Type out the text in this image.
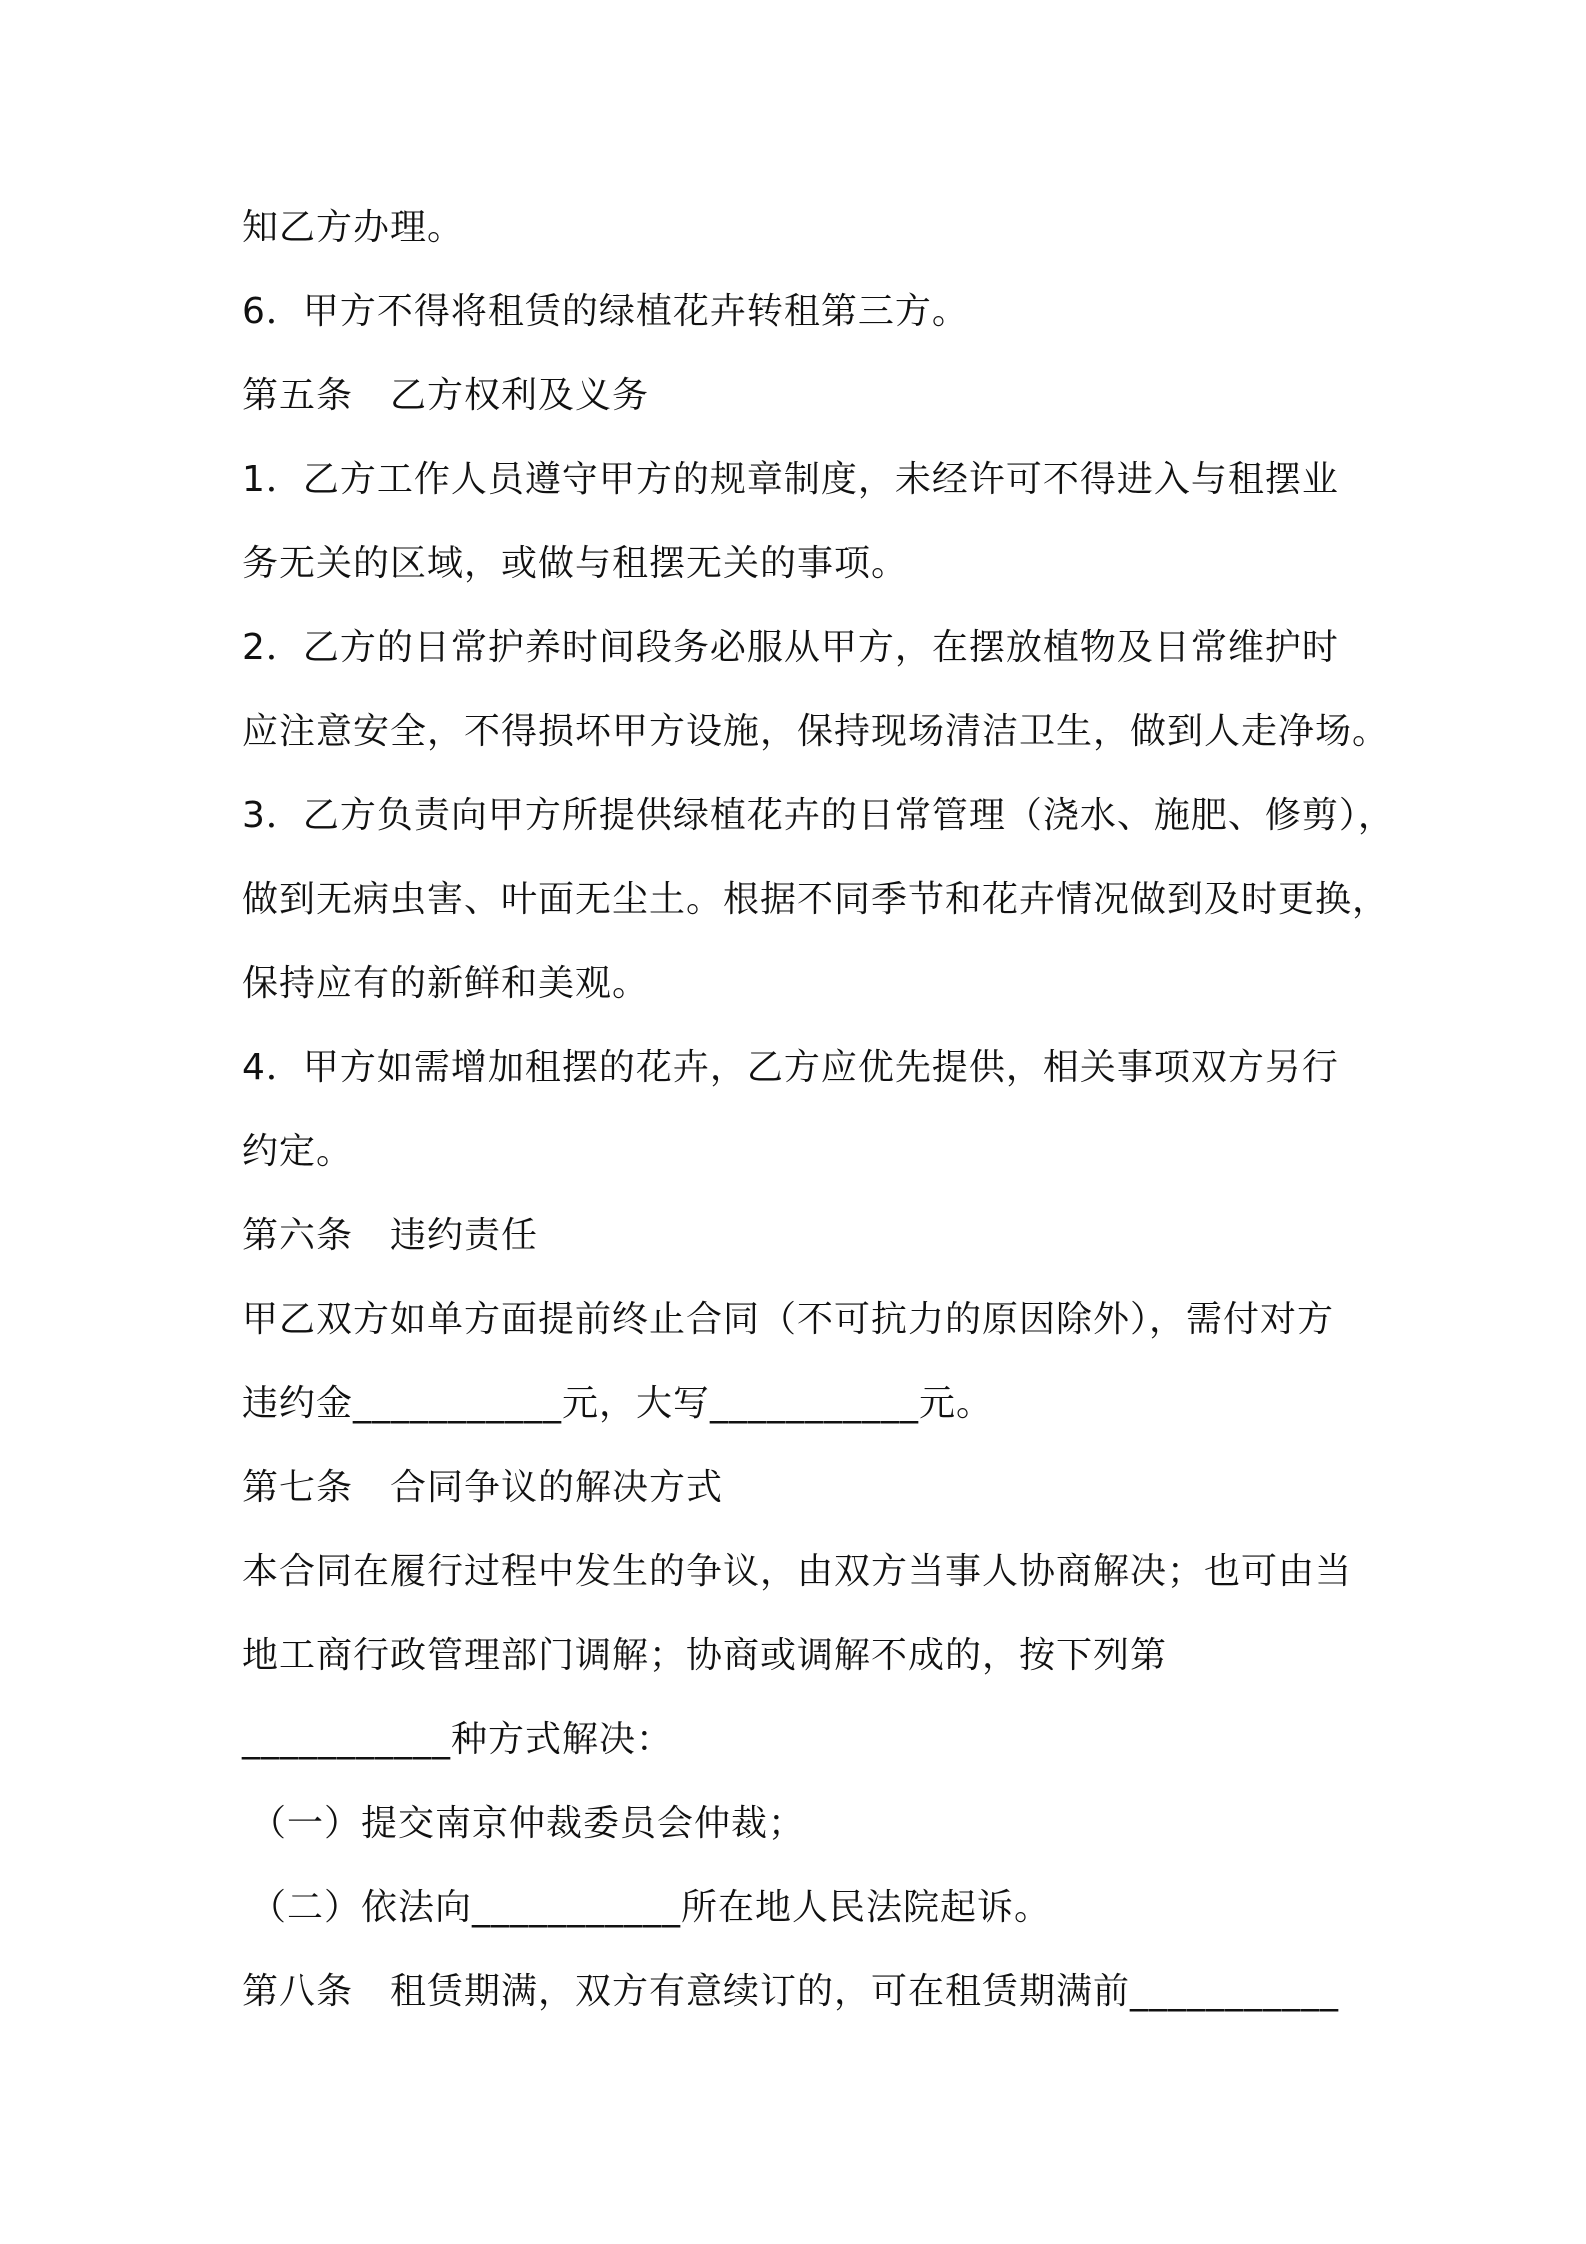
知乙方办理。
6．甲方不得将租赁的绿植花卉转租第三方。
第五条　乙方权利及义务
1．乙方工作人员遵守甲方的规章制度，未经许可不得进入与租摆业
务无关的区域，或做与租摆无关的事项。
2．乙方的日常护养时间段务必服从甲方，在摆放植物及日常维护时
应注意安全，不得损坏甲方设施，保持现场清洁卫生，做到人走净场。
3．乙方负责向甲方所提供绿植花卉的日常管理（浇水、施肥、修剪），
做到无病虫害、叶面无尘土。根据不同季节和花卉情况做到及时更换，
保持应有的新鲜和美观。
4．甲方如需增加租摆的花卉，乙方应优先提供，相关事项双方另行
约定。
第六条　违约责任
甲乙双方如单方面提前终止合同（不可抗力的原因除外），需付对方
违约金___________元，大写___________元。
第七条　合同争议的解决方式
本合同在履行过程中发生的争议，由双方当事人协商解决；也可由当
地工商行政管理部门调解；协商或调解不成的，按下列第
___________种方式解决：
（一）提交南京仲裁委员会仲裁；
（二）依法向___________所在地人民法院起诉。
第八条　租赁期满，双方有意续订的，可在租赁期满前___________
